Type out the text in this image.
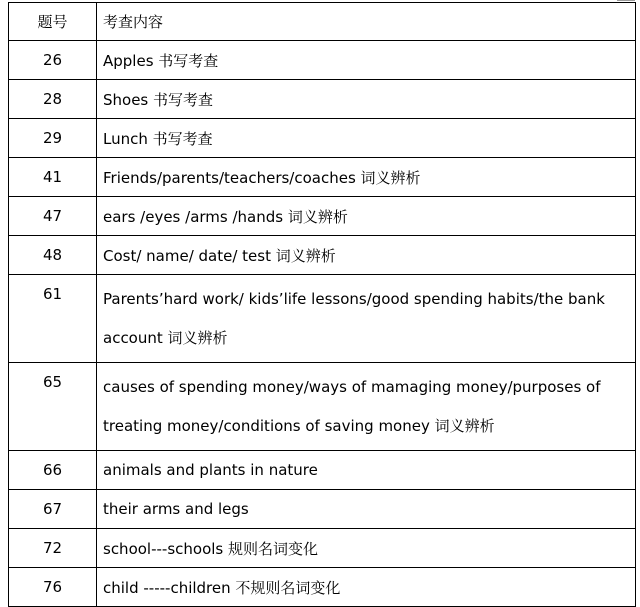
题号	考查内容
26	Apples 书写考查
28	Shoes 书写考查
29	Lunch 书写考查
41	Friends/parents/teachers/coaches 词义辨析
47	ears /eyes /arms /hands 词义辨析
48	Cost/ name/ date/ test 词义辨析
61	Parents’hard work/ kids’life lessons/good spending habits/the bank account 词义辨析

65	causes of spending money/ways of mamaging money/purposes of treating money/conditions of saving money 词义辨析

66	animals and plants in nature
67	their arms and legs
72	school---schools 规则名词变化
76	child -----children 不规则名词变化
